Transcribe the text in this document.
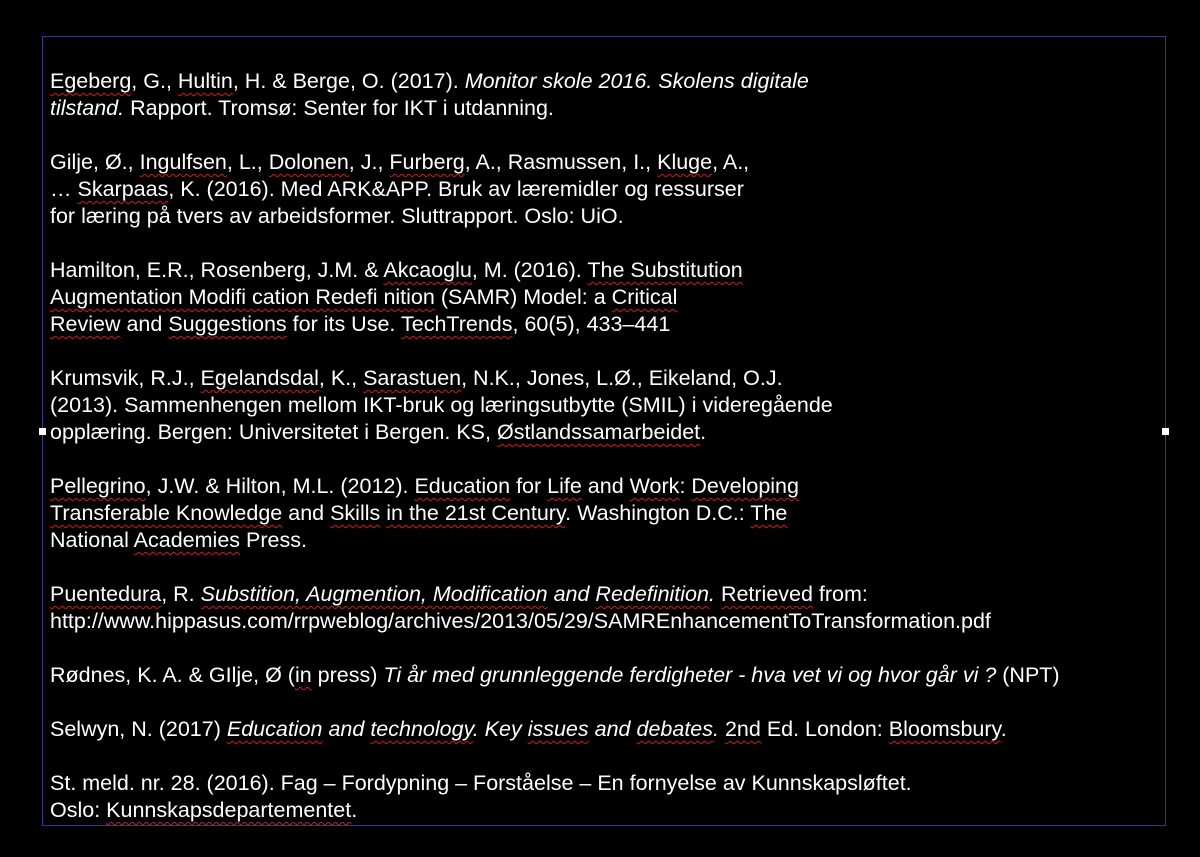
Egeberg, G., Hultin, H. & Berge, O. (2017). Monitor skole 2016. Skolens digitale
tilstand. Rapport. Tromsø: Senter for IKT i utdanning.
Gilje, Ø., Ingulfsen, L., Dolonen, J., Furberg, A., Rasmussen, I., Kluge, A.,
… Skarpaas, K. (2016). Med ARK&APP. Bruk av læremidler og ressurser
for læring på tvers av arbeidsformer. Sluttrapport. Oslo: UiO.
Hamilton, E.R., Rosenberg, J.M. & Akcaoglu, M. (2016). The Substitution
Augmentation Modifi cation Redefi nition (SAMR) Model: a Critical
Review and Suggestions for its Use. TechTrends, 60(5), 433–441
Krumsvik, R.J., Egelandsdal, K., Sarastuen, N.K., Jones, L.Ø., Eikeland, O.J.
(2013). Sammenhengen mellom IKT-bruk og læringsutbytte (SMIL) i videregående
opplæring. Bergen: Universitetet i Bergen. KS, Østlandssamarbeidet.
Pellegrino, J.W. & Hilton, M.L. (2012). Education for Life and Work: Developing
Transferable Knowledge and Skills in the 21st Century. Washington D.C.: The
National Academies Press.
Puentedura, R. Substition, Augmention, Modification and Redefinition. Retrieved from:
http://www.hippasus.com/rrpweblog/archives/2013/05/29/SAMREnhancementToTransformation.pdf
Rødnes, K. A. & GIlje, Ø (in press) Ti år med grunnleggende ferdigheter - hva vet vi og hvor går vi ? (NPT)
Selwyn, N. (2017) Education and technology. Key issues and debates. 2nd Ed. London: Bloomsbury.
St. meld. nr. 28. (2016). Fag – Fordypning – Forståelse – En fornyelse av Kunnskapsløftet.
Oslo: Kunnskapsdepartementet.
